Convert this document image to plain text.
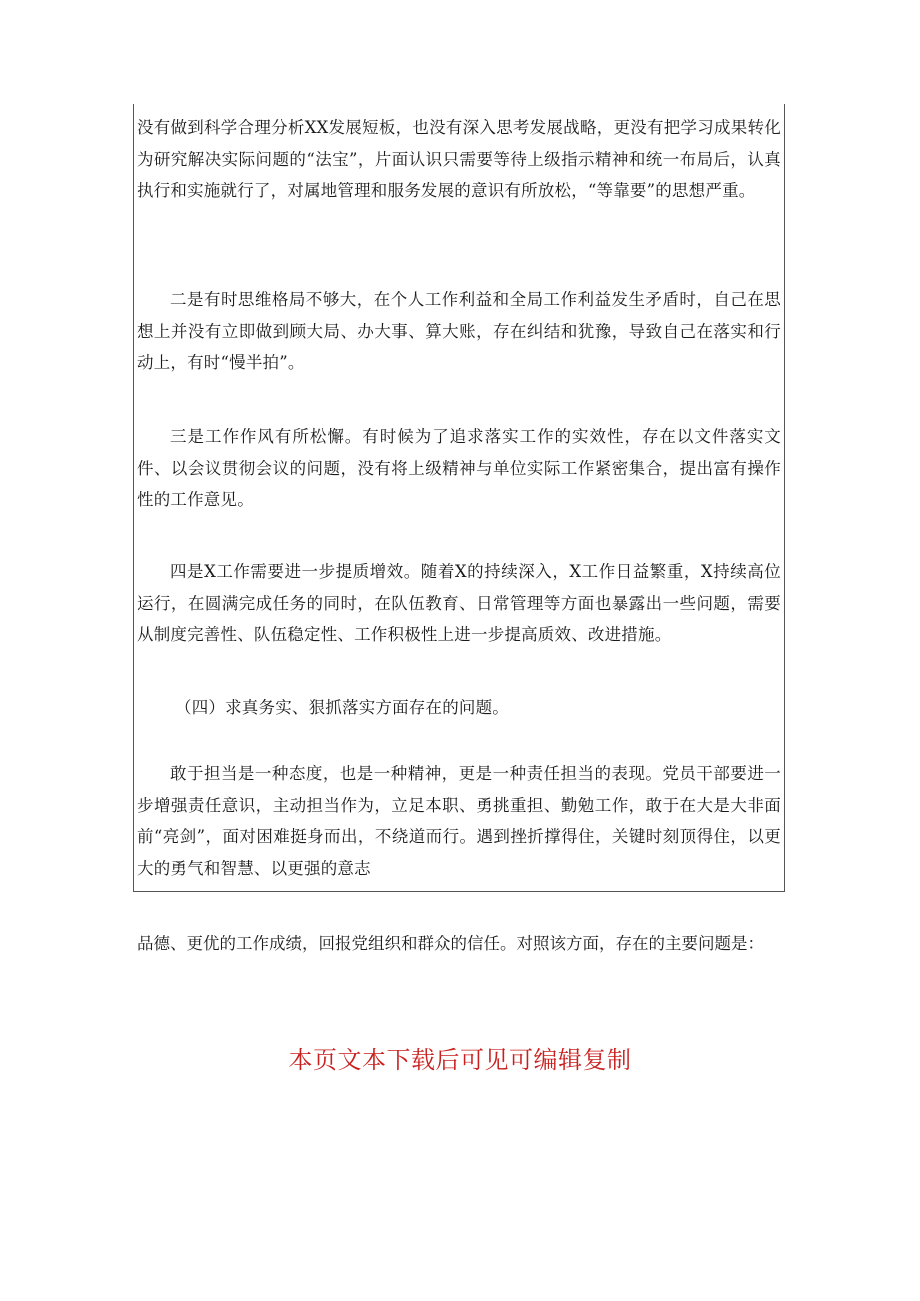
没有做到科学合理分析XX发展短板，也没有深入思考发展战略，更没有把学习成果转化为研究解决实际问题的“法宝”，片面认识只需要等待上级指示精神和统一布局后，认真执行和实施就行了，对属地管理和服务发展的意识有所放松，“等靠要”的思想严重。

二是有时思维格局不够大，在个人工作利益和全局工作利益发生矛盾时，自己在思想上并没有立即做到顾大局、办大事、算大账，存在纠结和犹豫，导致自己在落实和行动上，有时“慢半拍”。

三是工作作风有所松懈。有时候为了追求落实工作的实效性，存在以文件落实文件、以会议贯彻会议的问题，没有将上级精神与单位实际工作紧密集合，提出富有操作性的工作意见。

四是X工作需要进一步提质增效。随着X的持续深入，X工作日益繁重，X持续高位运行，在圆满完成任务的同时，在队伍教育、日常管理等方面也暴露出一些问题，需要从制度完善性、队伍稳定性、工作积极性上进一步提高质效、改进措施。

（四）求真务实、狠抓落实方面存在的问题。

敢于担当是一种态度，也是一种精神，更是一种责任担当的表现。党员干部要进一步增强责任意识，主动担当作为，立足本职、勇挑重担、勤勉工作，敢于在大是大非面前“亮剑”，面对困难挺身而出，不绕道而行。遇到挫折撑得住，关键时刻顶得住，以更大的勇气和智慧、以更强的意志

品德、更优的工作成绩，回报党组织和群众的信任。对照该方面，存在的主要问题是：

本页文本下载后可见可编辑复制
